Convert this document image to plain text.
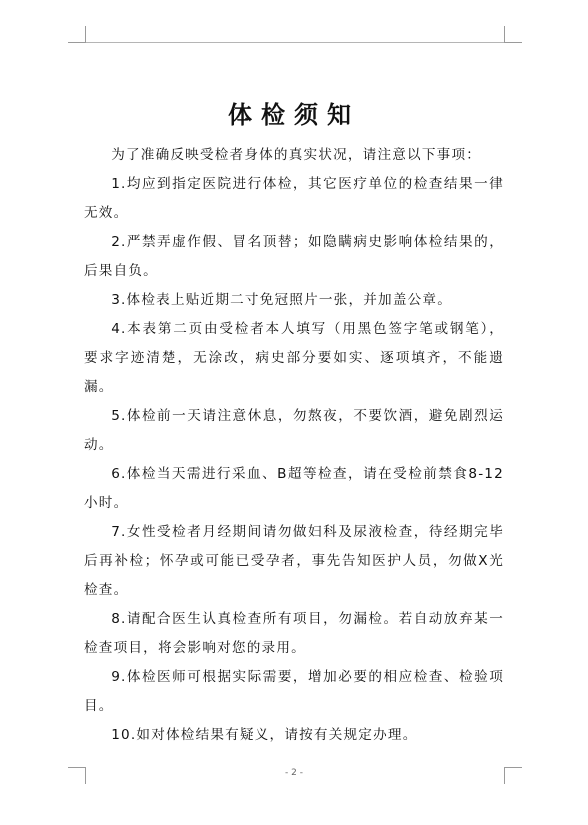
体检须知

为了准确反映受检者身体的真实状况，请注意以下事项：

1.均应到指定医院进行体检，其它医疗单位的检查结果一律无效。

2.严禁弄虚作假、冒名顶替；如隐瞒病史影响体检结果的，后果自负。

3.体检表上贴近期二寸免冠照片一张，并加盖公章。

4.本表第二页由受检者本人填写（用黑色签字笔或钢笔），要求字迹清楚，无涂改，病史部分要如实、逐项填齐，不能遗漏。

5.体检前一天请注意休息，勿熬夜，不要饮酒，避免剧烈运动。

6.体检当天需进行采血、B超等检查，请在受检前禁食8-12小时。

7.女性受检者月经期间请勿做妇科及尿液检查，待经期完毕后再补检；怀孕或可能已受孕者，事先告知医护人员，勿做X光检查。

8.请配合医生认真检查所有项目，勿漏检。若自动放弃某一检查项目，将会影响对您的录用。

9.体检医师可根据实际需要，增加必要的相应检查、检验项目。

10.如对体检结果有疑义，请按有关规定办理。

- 2 -
